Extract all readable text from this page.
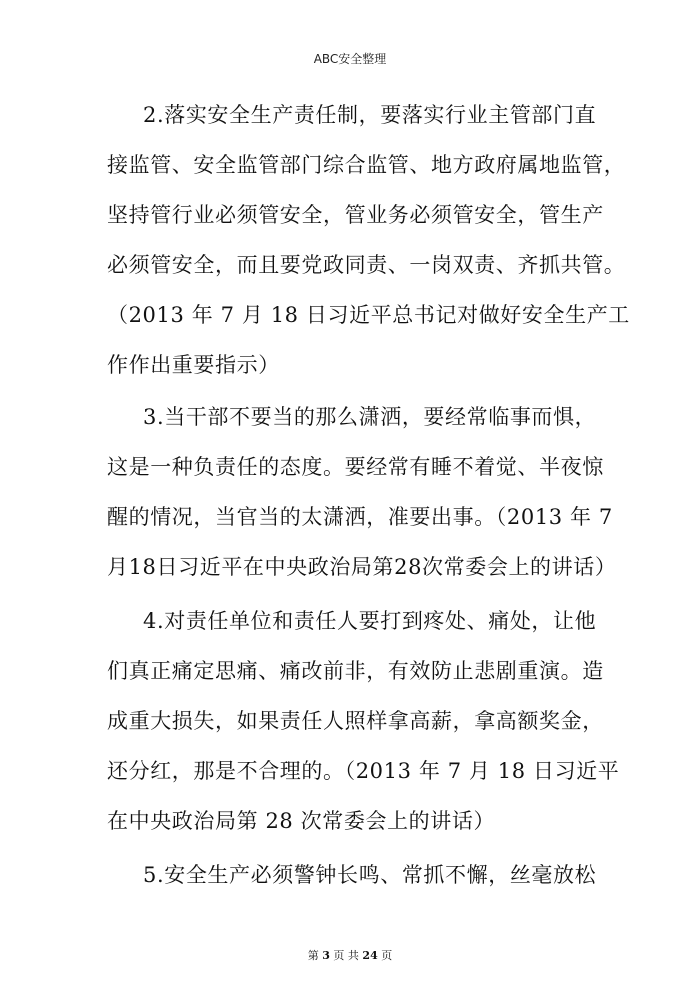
ABC安全整理
2.落实安全生产责任制，要落实行业主管部门直
接监管、安全监管部门综合监管、地方政府属地监管，
坚持管行业必须管安全，管业务必须管安全，管生产
必须管安全，而且要党政同责、一岗双责、齐抓共管。
（2013 年 7 月 18 日习近平总书记对做好安全生产工
作作出重要指示）
3.当干部不要当的那么潇洒，要经常临事而惧，
这是一种负责任的态度。要经常有睡不着觉、半夜惊
醒的情况，当官当的太潇洒，准要出事。（2013 年 7
月18日习近平在中央政治局第28次常委会上的讲话）
4.对责任单位和责任人要打到疼处、痛处，让他
们真正痛定思痛、痛改前非，有效防止悲剧重演。造
成重大损失，如果责任人照样拿高薪，拿高额奖金，
还分红，那是不合理的。（2013 年 7 月 18 日习近平
在中央政治局第 28 次常委会上的讲话）
5.安全生产必须警钟长鸣、常抓不懈，丝毫放松
第 3 页 共 24 页
